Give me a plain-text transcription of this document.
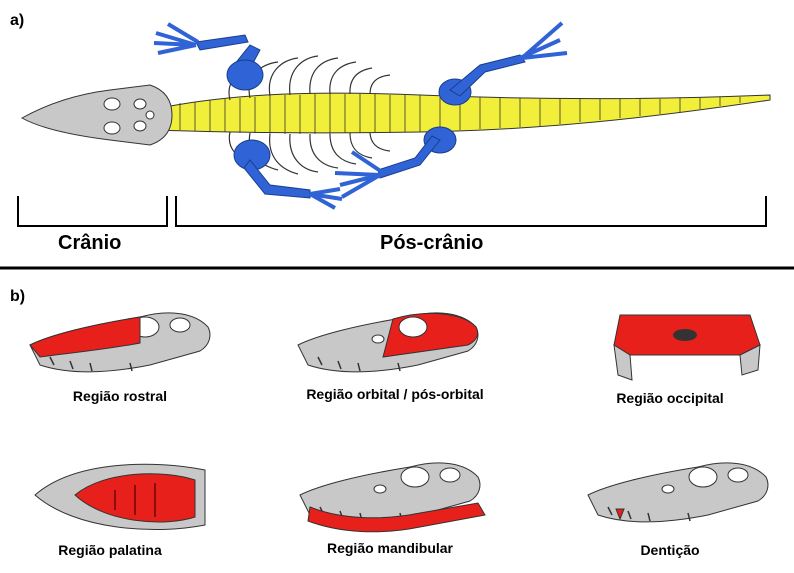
a)
Crânio	Pós-crânio
b)
Região rostral	Região orbital / pós-orbital	Região occipital
Região palatina	Região mandibular	Dentição
